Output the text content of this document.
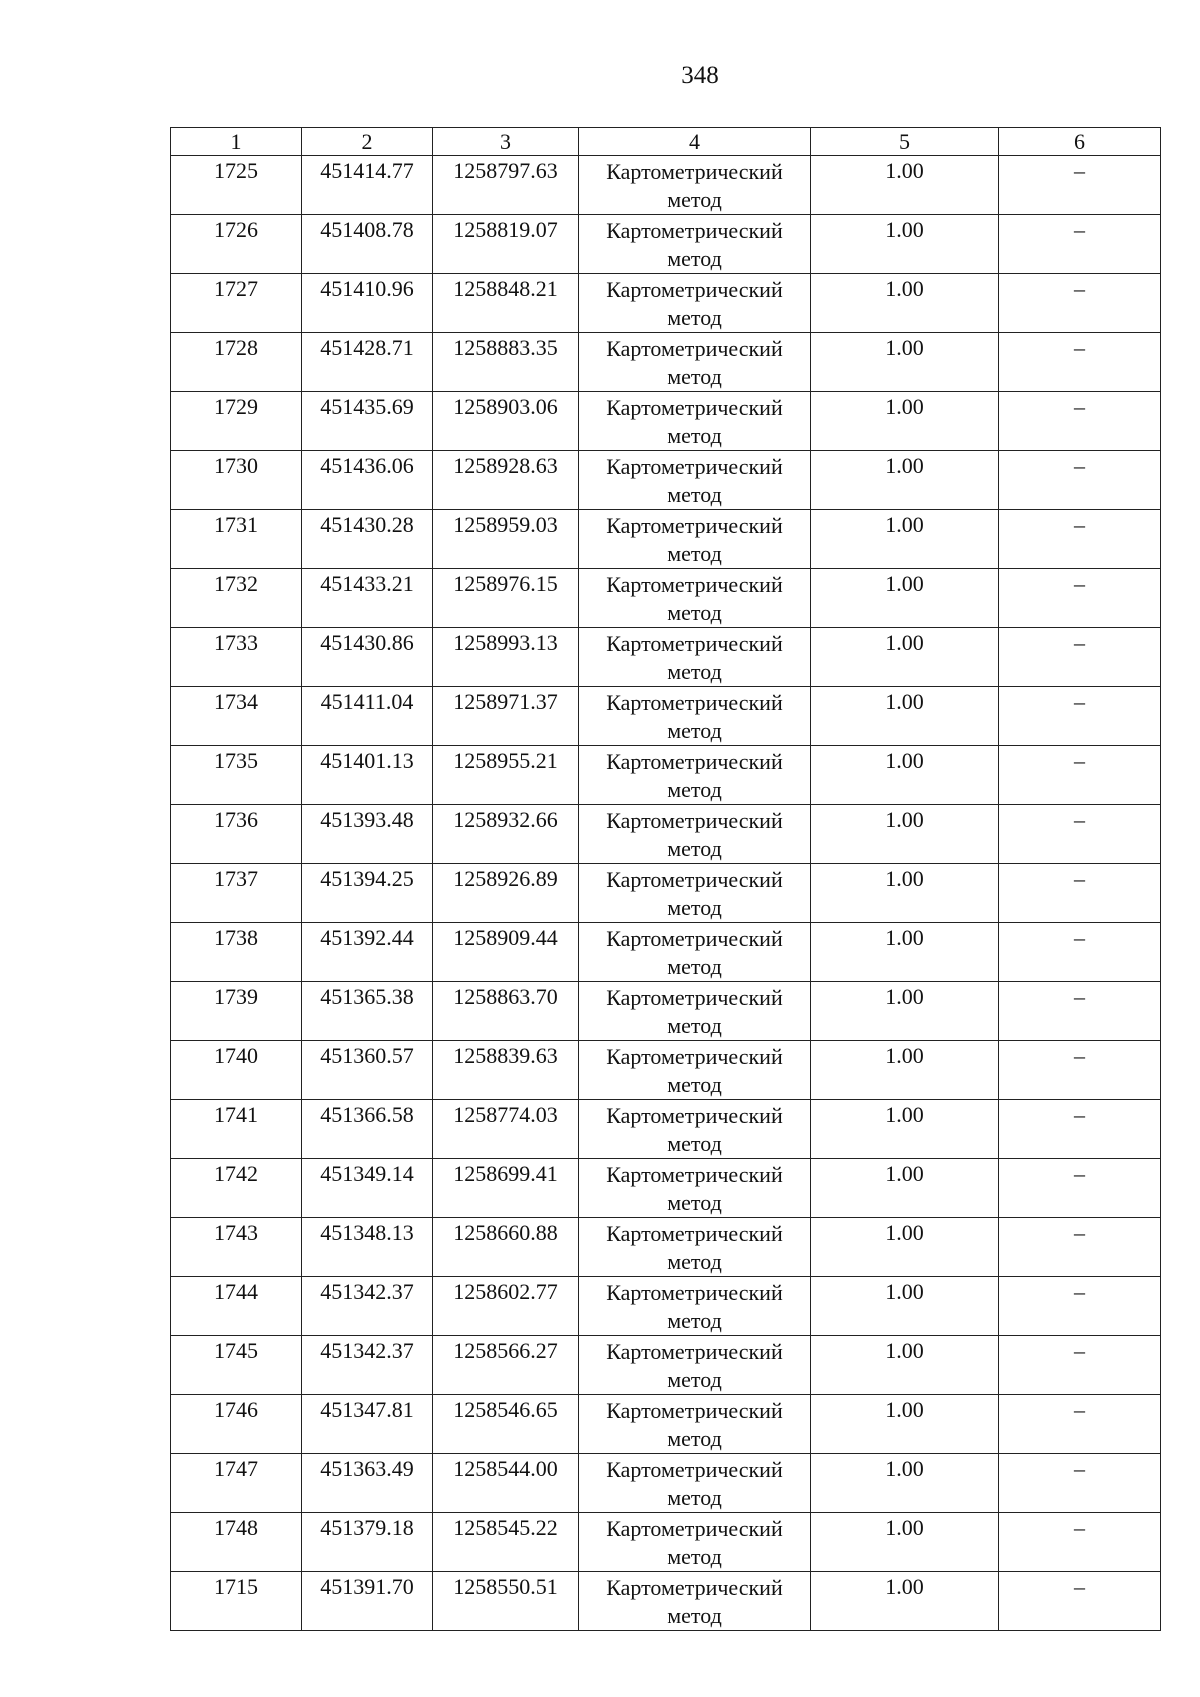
348
1	2	3	4	5	6
1725	451414.77	1258797.63	Картометрический метод	1.00	–
1726	451408.78	1258819.07	Картометрический метод	1.00	–
1727	451410.96	1258848.21	Картометрический метод	1.00	–
1728	451428.71	1258883.35	Картометрический метод	1.00	–
1729	451435.69	1258903.06	Картометрический метод	1.00	–
1730	451436.06	1258928.63	Картометрический метод	1.00	–
1731	451430.28	1258959.03	Картометрический метод	1.00	–
1732	451433.21	1258976.15	Картометрический метод	1.00	–
1733	451430.86	1258993.13	Картометрический метод	1.00	–
1734	451411.04	1258971.37	Картометрический метод	1.00	–
1735	451401.13	1258955.21	Картометрический метод	1.00	–
1736	451393.48	1258932.66	Картометрический метод	1.00	–
1737	451394.25	1258926.89	Картометрический метод	1.00	–
1738	451392.44	1258909.44	Картометрический метод	1.00	–
1739	451365.38	1258863.70	Картометрический метод	1.00	–
1740	451360.57	1258839.63	Картометрический метод	1.00	–
1741	451366.58	1258774.03	Картометрический метод	1.00	–
1742	451349.14	1258699.41	Картометрический метод	1.00	–
1743	451348.13	1258660.88	Картометрический метод	1.00	–
1744	451342.37	1258602.77	Картометрический метод	1.00	–
1745	451342.37	1258566.27	Картометрический метод	1.00	–
1746	451347.81	1258546.65	Картометрический метод	1.00	–
1747	451363.49	1258544.00	Картометрический метод	1.00	–
1748	451379.18	1258545.22	Картометрический метод	1.00	–
1715	451391.70	1258550.51	Картометрический метод	1.00	–
